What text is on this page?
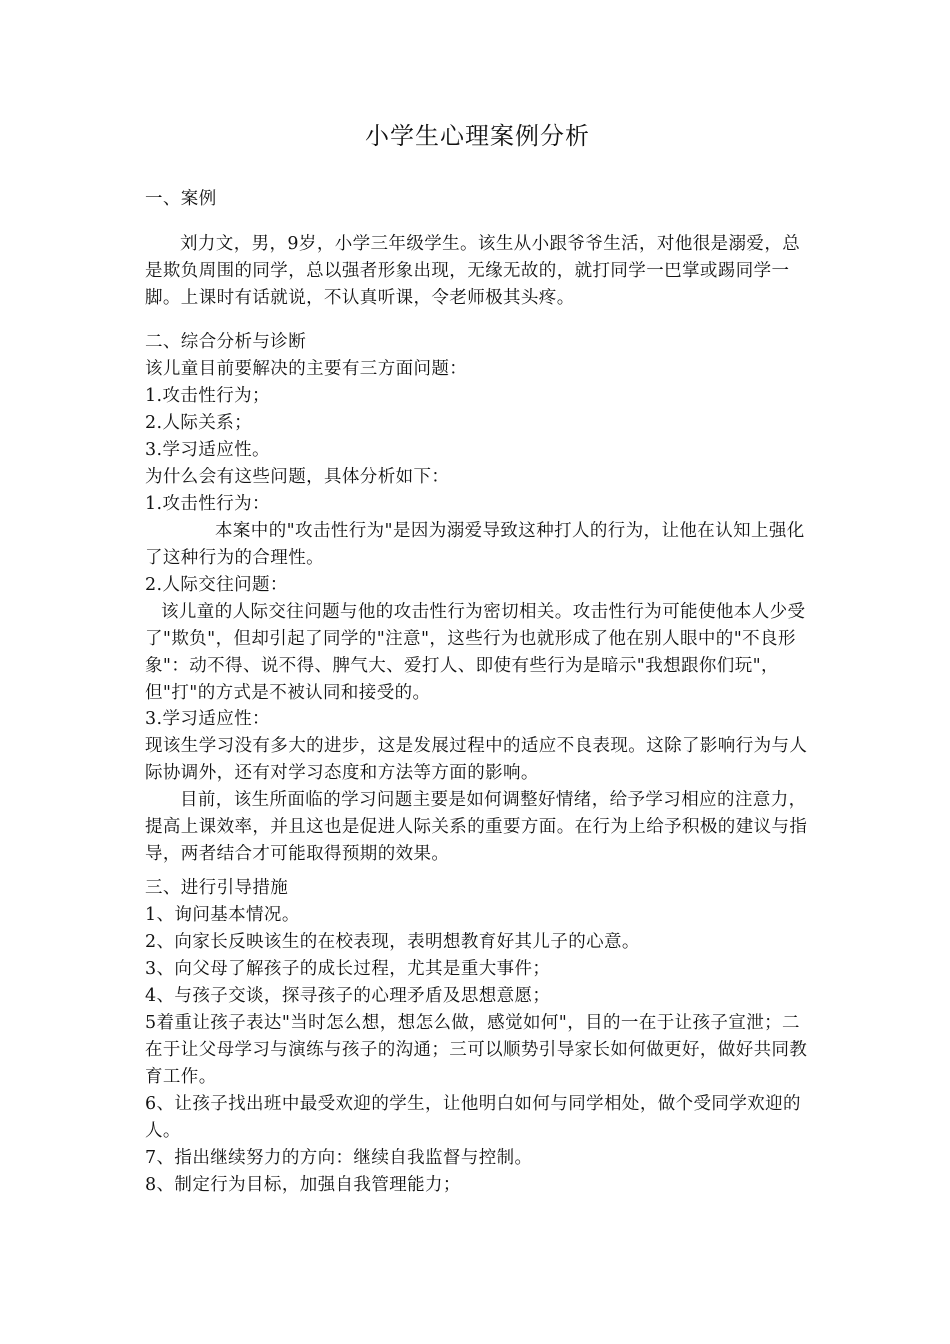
小学生心理案例分析

一、案例

刘力文，男，9岁，小学三年级学生。该生从小跟爷爷生活，对他很是溺爱，总是欺负周围的同学，总以强者形象出现，无缘无故的，就打同学一巴掌或踢同学一脚。上课时有话就说，不认真听课，令老师极其头疼。

二、综合分析与诊断

该儿童目前要解决的主要有三方面问题：

1.攻击性行为；

2.人际关系；

3.学习适应性。

为什么会有这些问题，具体分析如下：

1.攻击性行为：

本案中的"攻击性行为"是因为溺爱导致这种打人的行为，让他在认知上强化了这种行为的合理性。

2.人际交往问题：

该儿童的人际交往问题与他的攻击性行为密切相关。攻击性行为可能使他本人少受了"欺负"，但却引起了同学的"注意"，这些行为也就形成了他在别人眼中的"不良形象"：动不得、说不得、脾气大、爱打人、即使有些行为是暗示"我想跟你们玩"，但"打"的方式是不被认同和接受的。

3.学习适应性：

现该生学习没有多大的进步，这是发展过程中的适应不良表现。这除了影响行为与人际协调外，还有对学习态度和方法等方面的影响。

目前，该生所面临的学习问题主要是如何调整好情绪，给予学习相应的注意力，提高上课效率，并且这也是促进人际关系的重要方面。在行为上给予积极的建议与指导，两者结合才可能取得预期的效果。

三、进行引导措施

1、询问基本情况。

2、向家长反映该生的在校表现，表明想教育好其儿子的心意。

3、向父母了解孩子的成长过程，尤其是重大事件；

4、与孩子交谈，探寻孩子的心理矛盾及思想意愿；

5着重让孩子表达"当时怎么想，想怎么做，感觉如何"，目的一在于让孩子宣泄；二在于让父母学习与演练与孩子的沟通；三可以顺势引导家长如何做更好，做好共同教育工作。

6、让孩子找出班中最受欢迎的学生，让他明白如何与同学相处，做个受同学欢迎的人。

7、指出继续努力的方向：继续自我监督与控制。

8、制定行为目标，加强自我管理能力；
